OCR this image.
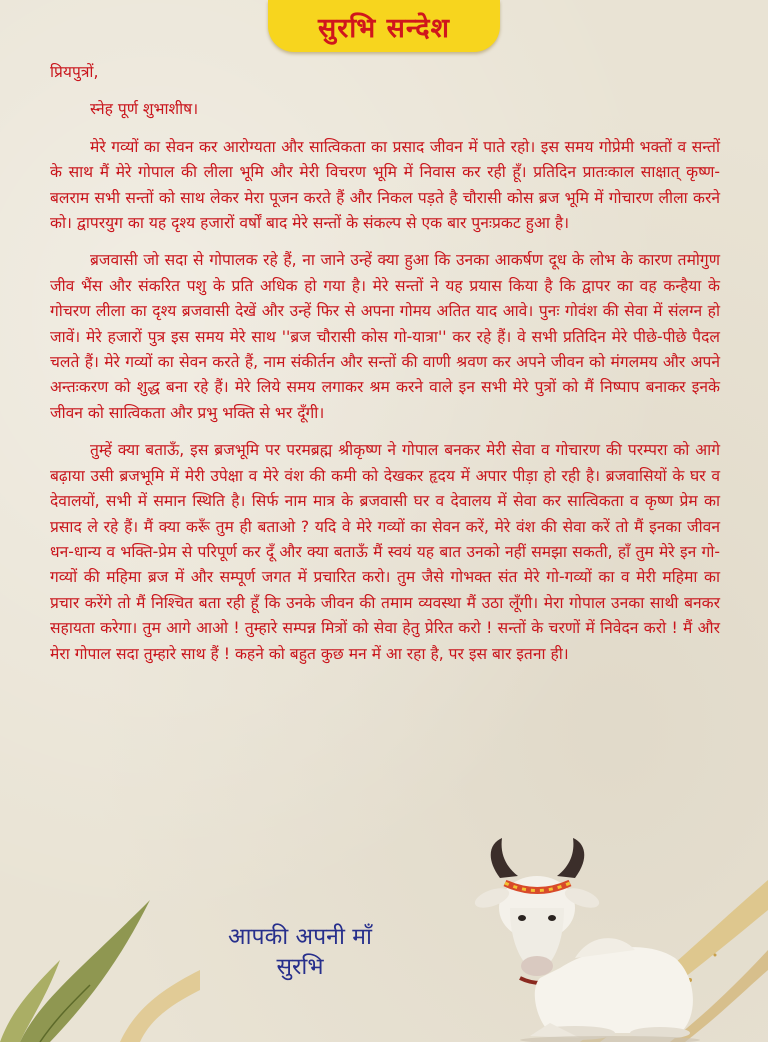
सुरभि सन्देश

प्रियपुत्रों,

स्नेह पूर्ण शुभाशीष।

मेरे गव्यों का सेवन कर आरोग्यता और सात्विकता का प्रसाद जीवन में पाते रहो। इस समय गोप्रेमी भक्तों व सन्तों के साथ मैं मेरे गोपाल की लीला भूमि और मेरी विचरण भूमि में निवास कर रही हूँ। प्रतिदिन प्रातःकाल साक्षात् कृष्ण-बलराम सभी सन्तों को साथ लेकर मेरा पूजन करते हैं और निकल पड़ते है चौरासी कोस ब्रज भूमि में गोचारण लीला करने को। द्वापरयुग का यह दृश्य हजारों वर्षों बाद मेरे सन्तों के संकल्प से एक बार पुनःप्रकट हुआ है।

ब्रजवासी जो सदा से गोपालक रहे हैं, ना जाने उन्हें क्या हुआ कि उनका आकर्षण दूध के लोभ के कारण तमोगुण जीव भैंस और संकरित पशु के प्रति अधिक हो गया है। मेरे सन्तों ने यह प्रयास किया है कि द्वापर का वह कन्हैया के गोचरण लीला का दृश्य ब्रजवासी देखें और उन्हें फिर से अपना गोमय अतित याद आवे। पुनः गोवंश की सेवा में संलग्न हो जावें। मेरे हजारों पुत्र इस समय मेरे साथ ''ब्रज चौरासी कोस गो-यात्रा'' कर रहे हैं। वे सभी प्रतिदिन मेरे पीछे-पीछे पैदल चलते हैं। मेरे गव्यों का सेवन करते हैं, नाम संकीर्तन और सन्तों की वाणी श्रवण कर अपने जीवन को मंगलमय और अपने अन्तःकरण को शुद्ध बना रहे हैं। मेरे लिये समय लगाकर श्रम करने वाले इन सभी मेरे पुत्रों को मैं निष्पाप बनाकर इनके जीवन को सात्विकता और प्रभु भक्ति से भर दूँगी।

तुम्हें क्या बताऊँ, इस ब्रजभूमि पर परमब्रह्म श्रीकृष्ण ने गोपाल बनकर मेरी सेवा व गोचारण की परम्परा को आगे बढ़ाया उसी ब्रजभूमि में मेरी उपेक्षा व मेरे वंश की कमी को देखकर हृदय में अपार पीड़ा हो रही है। ब्रजवासियों के घर व देवालयों, सभी में समान स्थिति है। सिर्फ नाम मात्र के ब्रजवासी घर व देवालय में सेवा कर सात्विकता व कृष्ण प्रेम का प्रसाद ले रहे हैं। मैं क्या करूँ तुम ही बताओ ? यदि वे मेरे गव्यों का सेवन करें, मेरे वंश की सेवा करें तो मैं इनका जीवन धन-धान्य व भक्ति-प्रेम से परिपूर्ण कर दूँ और क्या बताऊँ मैं स्वयं यह बात उनको नहीं समझा सकती, हाँ तुम मेरे इन गो-गव्यों की महिमा ब्रज में और सम्पूर्ण जगत में प्रचारित करो। तुम जैसे गोभक्त संत मेरे गो-गव्यों का व मेरी महिमा का प्रचार करेंगे तो मैं निश्चित बता रही हूँ कि उनके जीवन की तमाम व्यवस्था मैं उठा लूँगी। मेरा गोपाल उनका साथी बनकर सहायता करेगा। तुम आगे आओ ! तुम्हारे सम्पन्न मित्रों को सेवा हेतु प्रेरित करो ! सन्तों के चरणों में निवेदन करो ! मैं और मेरा गोपाल सदा तुम्हारे साथ हैं ! कहने को बहुत कुछ मन में आ रहा है, पर इस बार इतना ही।

आपकी अपनी माँ
सुरभि
